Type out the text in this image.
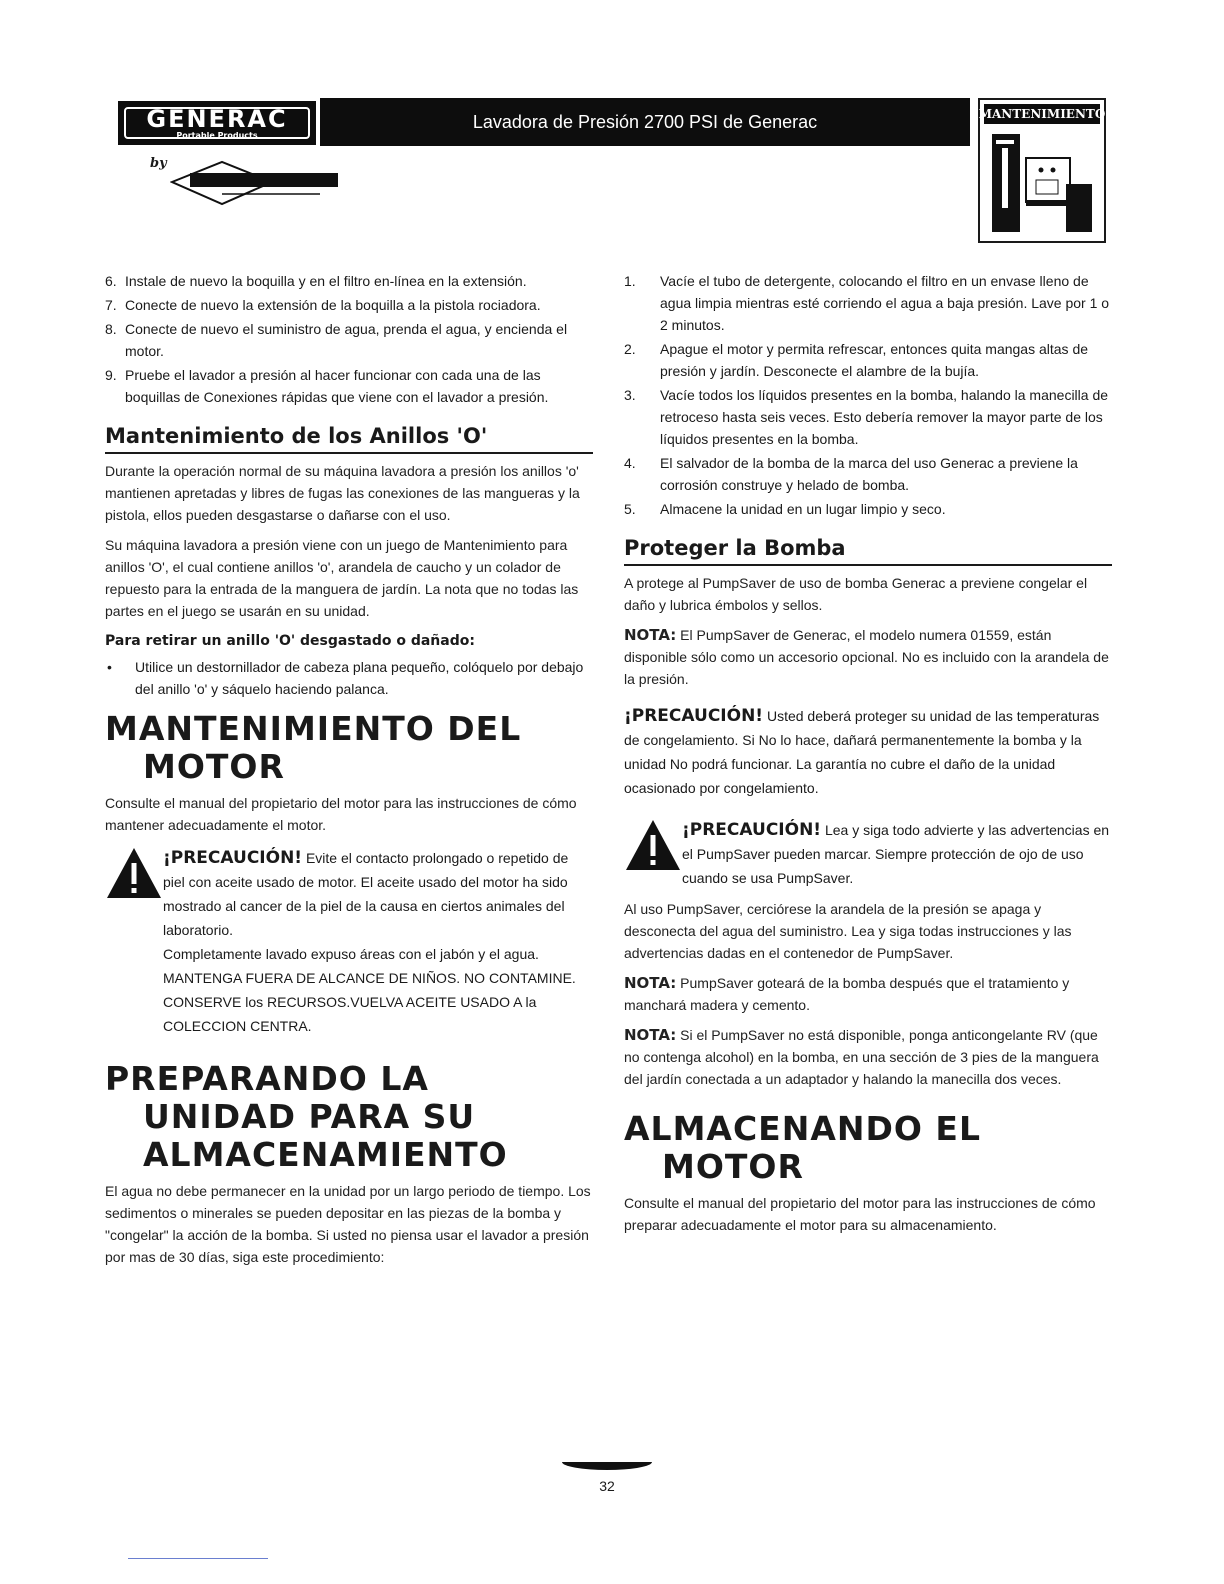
GENERAC
Portable Products
by
Lavadora de Presión 2700 PSI de Generac	MANTENIMIENTO
6. Instale de nuevo la boquilla y en el filtro en-línea en la extensión.
7. Conecte de nuevo la extensión de la boquilla a la pistola rociadora.
8. Conecte de nuevo el suministro de agua, prenda el agua, y encienda el motor.
9. Pruebe el lavador a presión al hacer funcionar con cada una de las boquillas de Conexiones rápidas que viene con el lavador a presión.
Mantenimiento de los Anillos 'O'

Durante la operación normal de su máquina lavadora a presión los anillos 'o' mantienen apretadas y libres de fugas las conexiones de las mangueras y la pistola, ellos pueden desgastarse o dañarse con el uso.

Su máquina lavadora a presión viene con un juego de Mantenimiento para anillos 'O', el cual contiene anillos 'o', arandela de caucho y un colador de repuesto para la entrada de la manguera de jardín. La nota que no todas las partes en el juego se usarán en su unidad.

Para retirar un anillo 'O' desgastado o dañado:
•	Utilice un destornillador de cabeza plana pequeño, colóquelo por debajo del anillo 'o' y sáquelo haciendo palanca.
MANTENIMIENTO DEL
MOTOR

Consulte el manual del propietario del motor para las instrucciones de cómo mantener adecuadamente el motor.

¡PRECAUCIÓN! Evite el contacto prolongado o repetido de piel con aceite usado de motor. El aceite usado del motor ha sido mostrado al cancer de la piel de la causa en ciertos animales del laboratorio.
Completamente lavado expuso áreas con el jabón y el agua.
MANTENGA FUERA DE ALCANCE DE NIÑOS. NO CONTAMINE. CONSERVE los RECURSOS.VUELVA ACEITE USADO A la COLECCION CENTRA.
PREPARANDO LA
UNIDAD PARA SU
ALMACENAMIENTO

El agua no debe permanecer en la unidad por un largo periodo de tiempo. Los sedimentos o minerales se pueden depositar en las piezas de la bomba y "congelar" la acción de la bomba. Si usted no piensa usar el lavador a presión por mas de 30 días, siga este procedimiento:

1.	Vacíe el tubo de detergente, colocando el filtro en un envase lleno de agua limpia mientras esté corriendo el agua a baja presión. Lave por 1 o 2 minutos.
2.	Apague el motor y permita refrescar, entonces quita mangas altas de presión y jardín. Desconecte el alambre de la bujía.
3.	Vacíe todos los líquidos presentes en la bomba, halando la manecilla de retroceso hasta seis veces. Esto debería remover la mayor parte de los líquidos presentes en la bomba.
4.	El salvador de la bomba de la marca del uso Generac a previene la corrosión construye y helado de bomba.
5.	Almacene la unidad en un lugar limpio y seco.
Proteger la Bomba

A protege al PumpSaver de uso de bomba Generac a previene congelar el daño y lubrica émbolos y sellos.

NOTA: El PumpSaver de Generac, el modelo numera 01559, están disponible sólo como un accesorio opcional. No es incluido con la arandela de la presión.

¡PRECAUCIÓN! Usted deberá proteger su unidad de las temperaturas de congelamiento. Si No lo hace, dañará permanentemente la bomba y la unidad No podrá funcionar. La garantía no cubre el daño de la unidad ocasionado por congelamiento.

¡PRECAUCIÓN! Lea y siga todo advierte y las advertencias en el PumpSaver pueden marcar. Siempre protección de ojo de uso cuando se usa PumpSaver.

Al uso PumpSaver, cerciórese la arandela de la presión se apaga y desconecta del agua del suministro. Lea y siga todas instrucciones y las advertencias dadas en el contenedor de PumpSaver.

NOTA: PumpSaver goteará de la bomba después que el tratamiento y manchará madera y cemento.

NOTA: Si el PumpSaver no está disponible, ponga anticongelante RV (que no contenga alcohol) en la bomba, en una sección de 3 pies de la manguera del jardín conectada a un adaptador y halando la manecilla dos veces.

ALMACENANDO EL
MOTOR

Consulte el manual del propietario del motor para las instrucciones de cómo preparar adecuadamente el motor para su almacenamiento.

32
